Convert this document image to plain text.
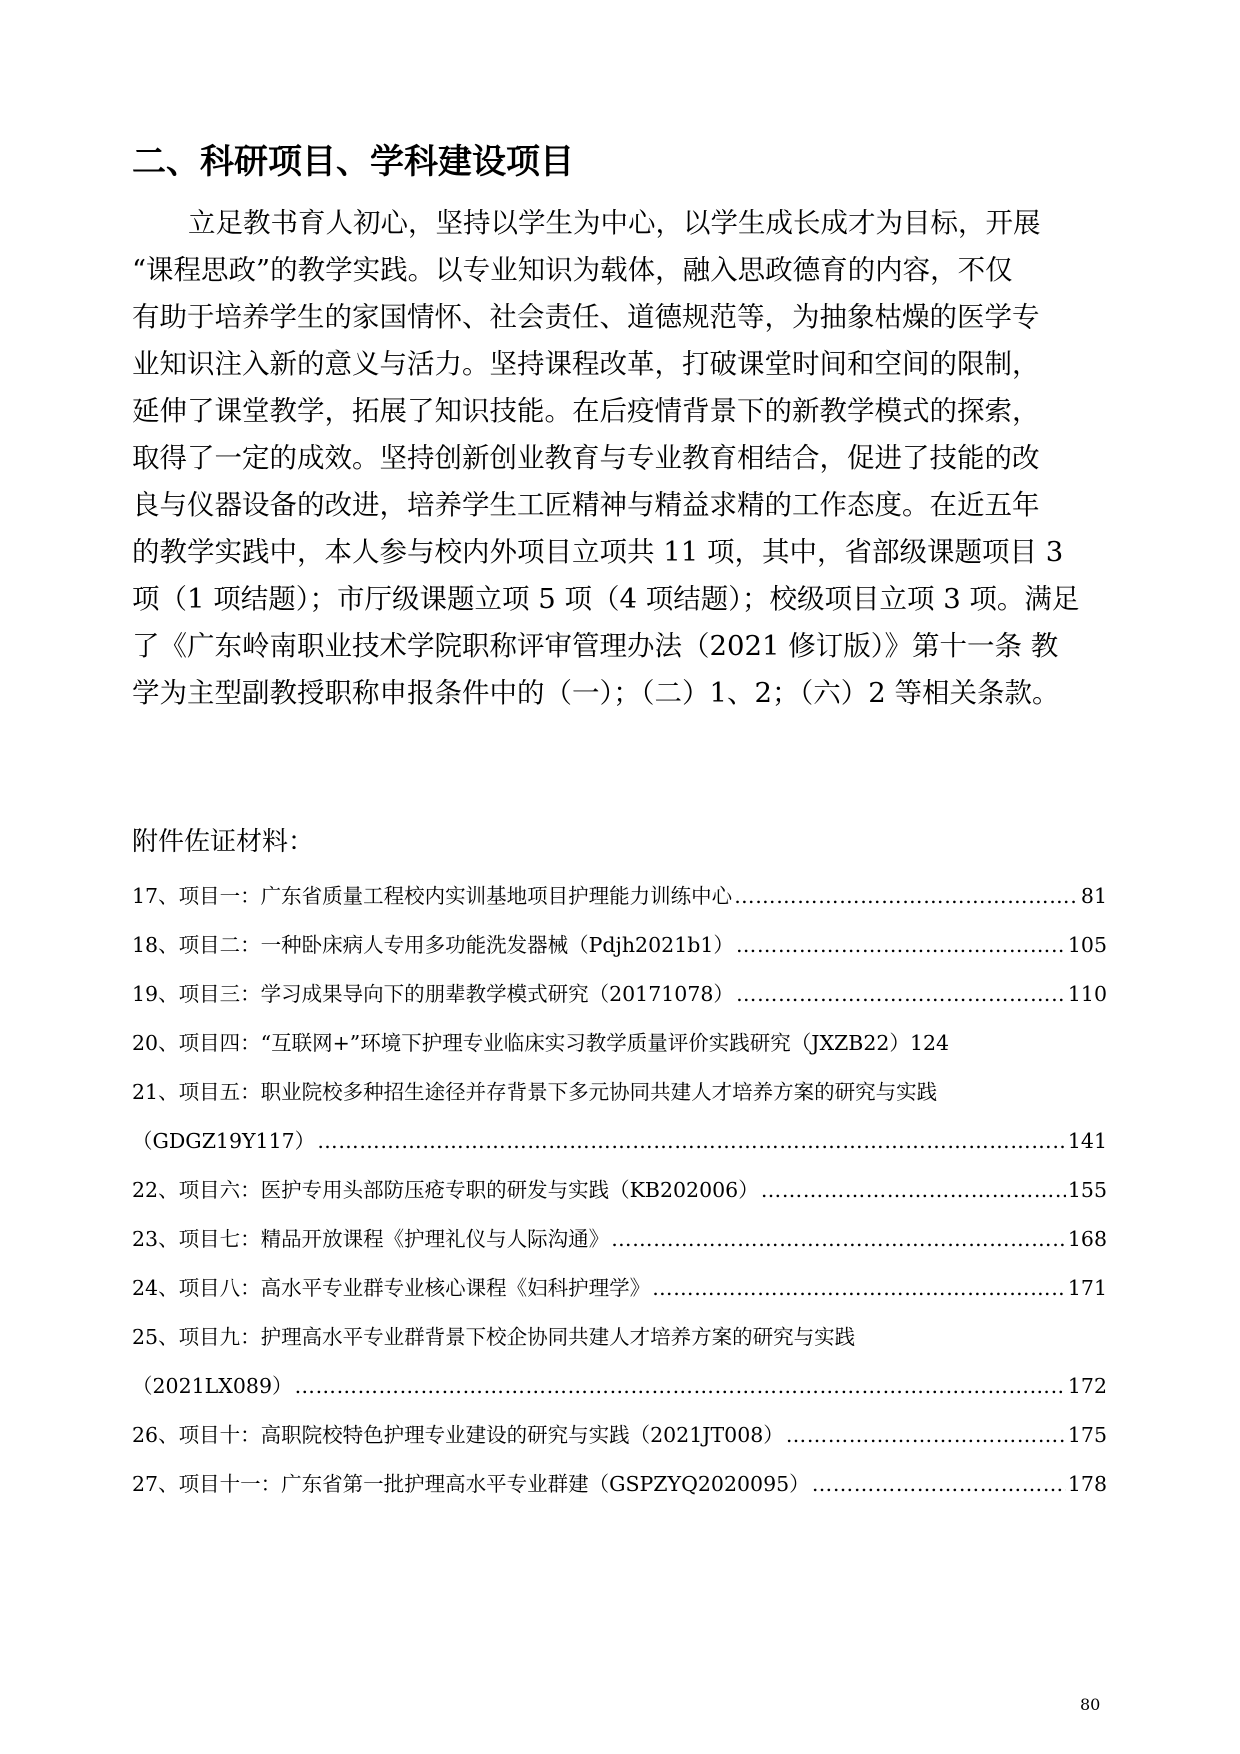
二、科研项目、学科建设项目
立足教书育人初心，坚持以学生为中心，以学生成长成才为目标，开展
“课程思政”的教学实践。以专业知识为载体，融入思政德育的内容，不仅
有助于培养学生的家国情怀、社会责任、道德规范等，为抽象枯燥的医学专
业知识注入新的意义与活力。坚持课程改革，打破课堂时间和空间的限制，
延伸了课堂教学，拓展了知识技能。在后疫情背景下的新教学模式的探索，
取得了一定的成效。坚持创新创业教育与专业教育相结合，促进了技能的改
良与仪器设备的改进，培养学生工匠精神与精益求精的工作态度。在近五年
的教学实践中，本人参与校内外项目立项共 11 项，其中，省部级课题项目 3
项（1 项结题）；市厅级课题立项 5 项（4 项结题）；校级项目立项 3 项。满足
了《广东岭南职业技术学院职称评审管理办法（2021 修订版）》第十一条 教
学为主型副教授职称申报条件中的（一）；（二）1、2；（六）2 等相关条款。
附件佐证材料：
17、项目一：广东省质量工程校内实训基地项目护理能力训练中心 …………………………………………………………………………………………………………………………………………………………………………………………………………………	81
18、项目二：一种卧床病人专用多功能洗发器械（Pdjh2021b1） …………………………………………………………………………………………………………………………………………………………………………………………………………………	105
19、项目三：学习成果导向下的朋辈教学模式研究（20171078） …………………………………………………………………………………………………………………………………………………………………………………………………………………	110
20、项目四：“互联网+”环境下护理专业临床实习教学质量评价实践研究（JXZB22） 124
21、项目五：职业院校多种招生途径并存背景下多元协同共建人才培养方案的研究与实践
（GDGZ19Y117） …………………………………………………………………………………………………………………………………………………………………………………………………………………	141
22、项目六：医护专用头部防压疮专职的研发与实践（KB202006） …………………………………………………………………………………………………………………………………………………………………………………………………………………	155
23、项目七：精品开放课程《护理礼仪与人际沟通》 …………………………………………………………………………………………………………………………………………………………………………………………………………………	168
24、项目八：高水平专业群专业核心课程《妇科护理学》 …………………………………………………………………………………………………………………………………………………………………………………………………………………	171
25、项目九：护理高水平专业群背景下校企协同共建人才培养方案的研究与实践
（2021LX089） …………………………………………………………………………………………………………………………………………………………………………………………………………………	172
26、项目十：高职院校特色护理专业建设的研究与实践（2021JT008） …………………………………………………………………………………………………………………………………………………………………………………………………………………	175
27、项目十一：广东省第一批护理高水平专业群建（GSPZYQ2020095） …………………………………………………………………………………………………………………………………………………………………………………………………………………	178
80
